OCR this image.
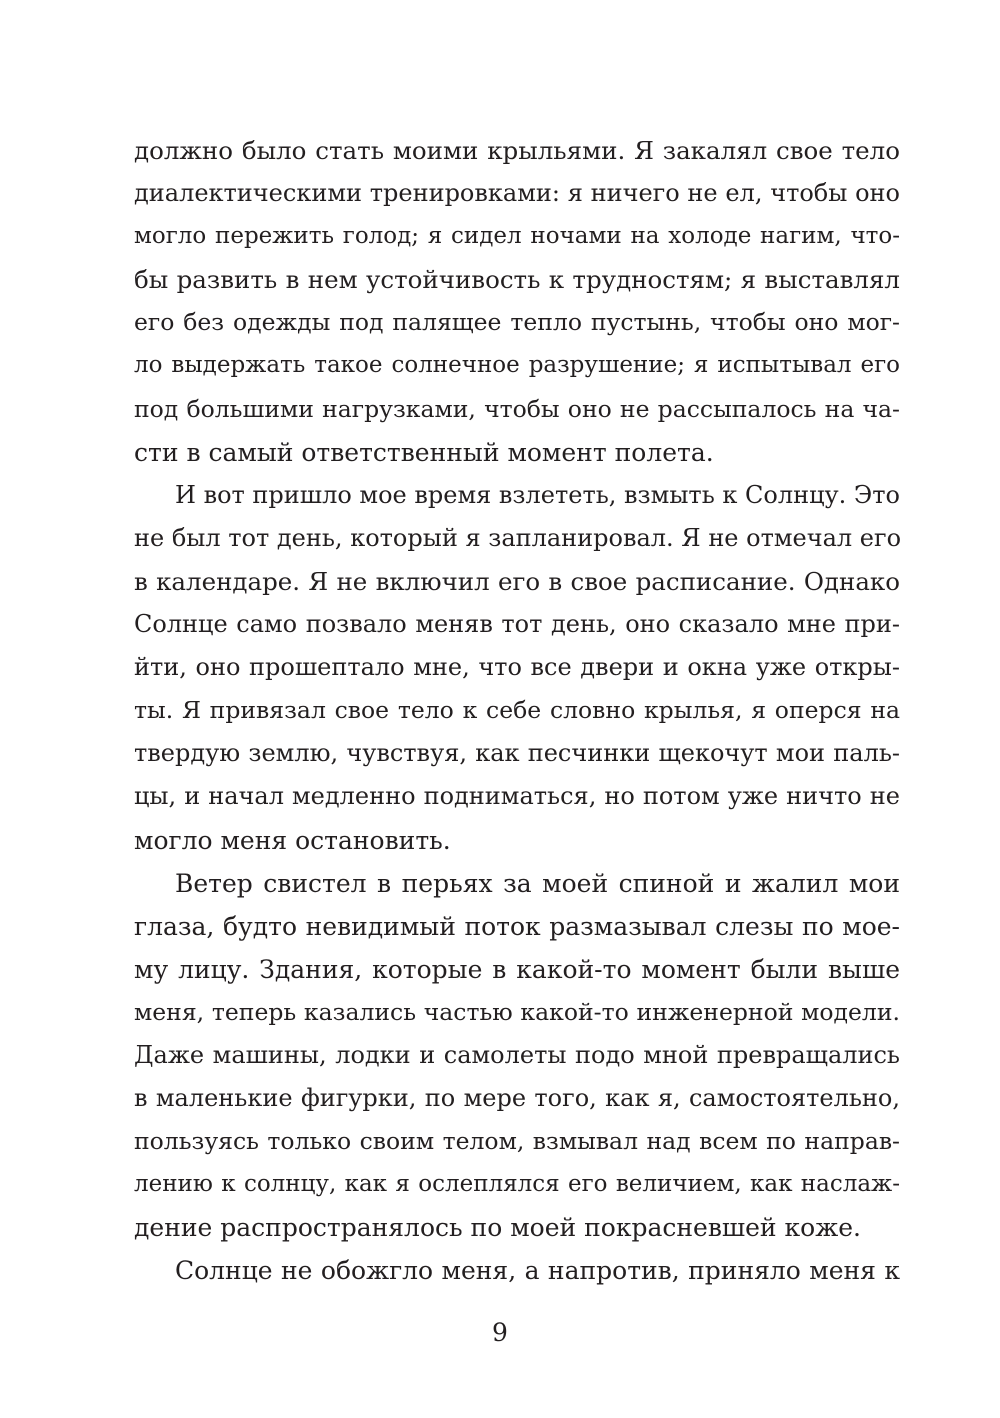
должно было стать моими крыльями. Я закалял свое тело
диалектическими тренировками: я ничего не ел, чтобы оно
могло пережить голод; я сидел ночами на холоде нагим, что-
бы развить в нем устойчивость к трудностям; я выставлял
его без одежды под палящее тепло пустынь, чтобы оно мог-
ло выдержать такое солнечное разрушение; я испытывал его
под большими нагрузками, чтобы оно не рассыпалось на ча-
сти в самый ответственный момент полета.
И вот пришло мое время взлететь, взмыть к Солнцу. Это
не был тот день, который я запланировал. Я не отмечал его
в календаре. Я не включил его в свое расписание. Однако
Солнце само позвало меняв тот день, оно сказало мне при-
йти, оно прошептало мне, что все двери и окна уже откры-
ты. Я привязал свое тело к себе словно крылья, я оперся на
твердую землю, чувствуя, как песчинки щекочут мои паль-
цы, и начал медленно подниматься, но потом уже ничто не
могло меня остановить.
Ветер свистел в перьях за моей спиной и жалил мои
глаза, будто невидимый поток размазывал слезы по мое-
му лицу. Здания, которые в какой-то момент были выше
меня, теперь казались частью какой-то инженерной модели.
Даже машины, лодки и самолеты подо мной превращались
в маленькие фигурки, по мере того, как я, самостоятельно,
пользуясь только своим телом, взмывал над всем по направ-
лению к солнцу, как я ослеплялся его величием, как наслаж-
дение распространялось по моей покрасневшей коже.
Солнце не обожгло меня, а напротив, приняло меня к
9
